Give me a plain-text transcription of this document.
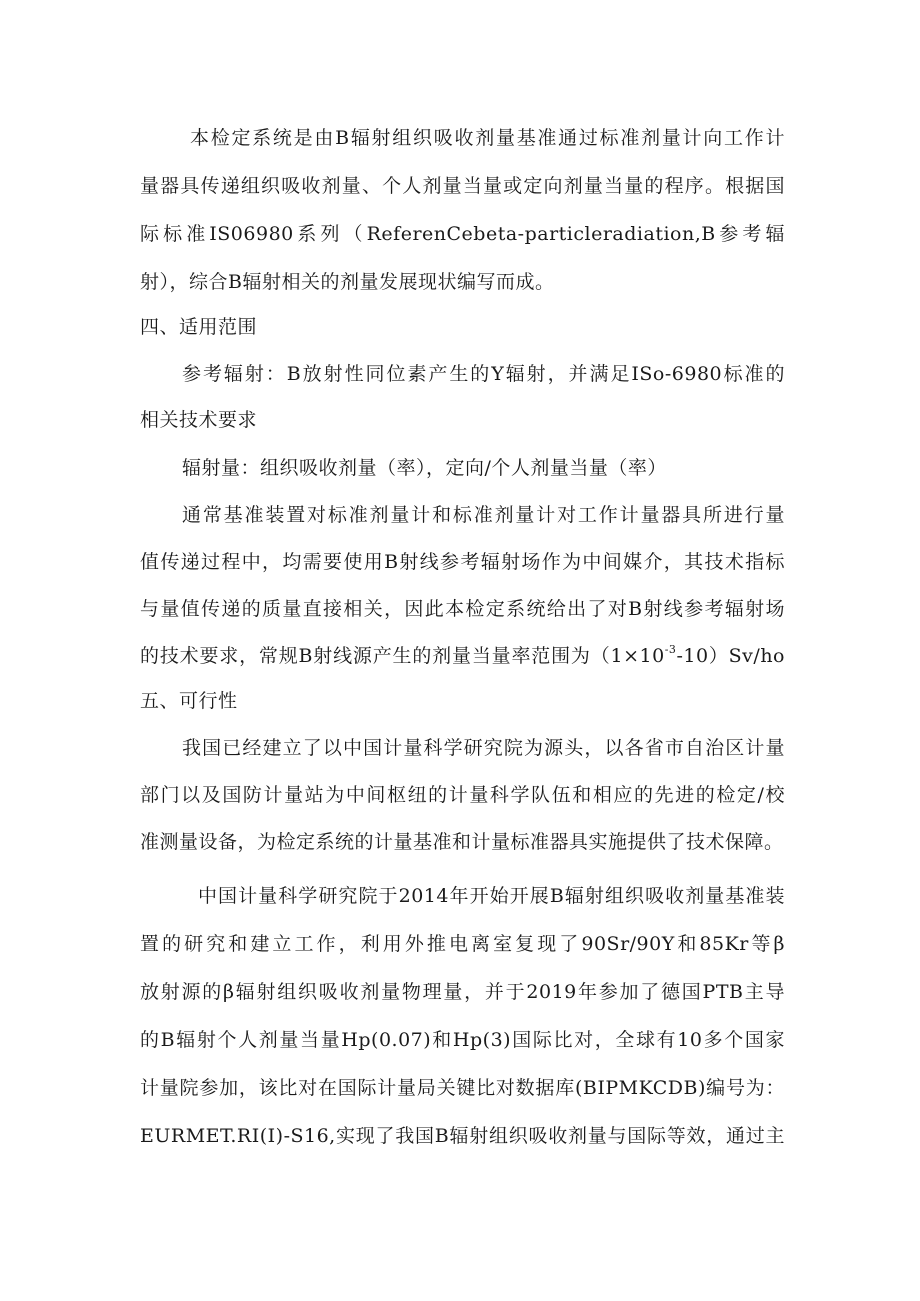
本检定系统是由Β辐射组织吸收剂量基准通过标准剂量计向工作计
量器具传递组织吸收剂量、个人剂量当量或定向剂量当量的程序。根据国
际标准IS06980系列（ReferenCebeta-particleradiation,Β参考辐
射），综合Β辐射相关的剂量发展现状编写而成。
四、适用范围
参考辐射：Β放射性同位素产生的Y辐射，并满足ISo-6980标准的
相关技术要求
辐射量：组织吸收剂量（率），定向/个人剂量当量（率）
通常基准装置对标准剂量计和标准剂量计对工作计量器具所进行量
值传递过程中，均需要使用Β射线参考辐射场作为中间媒介，其技术指标
与量值传递的质量直接相关，因此本检定系统给出了对Β射线参考辐射场
的技术要求，常规Β射线源产生的剂量当量率范围为$(1\times 10^{-3}-10)Sv/ho$
五、可行性
我国已经建立了以中国计量科学研究院为源头，以各省市自治区计量
部门以及国防计量站为中间枢纽的计量科学队伍和相应的先进的检定/校
准测量设备，为检定系统的计量基准和计量标准器具实施提供了技术保障。
中国计量科学研究院于2014年开始开展Β辐射组织吸收剂量基准装
置的研究和建立工作，利用外推电离室复现了90Sr/90Y和85Kr等β
放射源的β辐射组织吸收剂量物理量，并于2019年参加了德国PTB主导
的Β辐射个人剂量当量Hp(0.07)和Hp(3)国际比对，全球有10多个国家
计量院参加，该比对在国际计量局关键比对数据库(BIPMKCDB)编号为：
EURMET.RI(I)-S16,实现了我国Β辐射组织吸收剂量与国际等效，通过主
